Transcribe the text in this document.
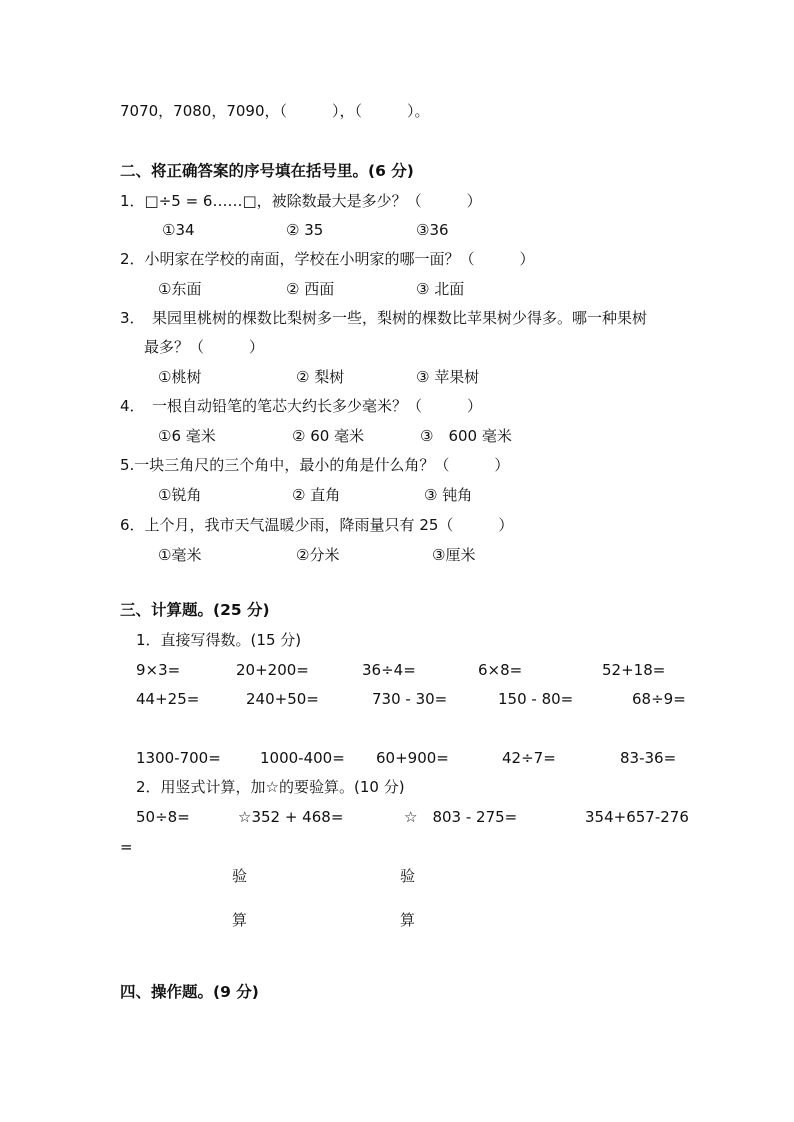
7070，7080，7090，（　　　），（　　　）。
二、将正确答案的序号填在括号里。(6 分)
1．□÷5 = 6……□，被除数最大是多少？（　　　）
①34	② 35	③36
2．小明家在学校的南面，学校在小明家的哪一面？（　　　）
①东面	② 西面	③ 北面
3．　果园里桃树的棵数比梨树多一些，梨树的棵数比苹果树少得多。哪一种果树
最多？（　　　）
①桃树	② 梨树	③ 苹果树
4．　一根自动铅笔的笔芯大约长多少毫米？（　　　）
①6 毫米	② 60 毫米	③　600 毫米
5.一块三角尺的三个角中，最小的角是什么角？（　　　）
①锐角	② 直角	③ 钝角
6．上个月，我市天气温暖少雨，降雨量只有 25（　　　）
①毫米	②分米	③厘米
三、计算题。(25 分)
1．直接写得数。(15 分)
9×3=	20+200=	36÷4=	6×8=	52+18=
44+25=	240+50=	730 - 30=	150 - 80=	68÷9=
1300-700=	1000-400= 60+900=	42÷7=	83-36=
2．用竖式计算，加☆的要验算。(10 分)
50÷8=	☆352 + 468=	☆　803 - 275=	354+657-276
=
验	验
算	算
四、操作题。(9 分)
